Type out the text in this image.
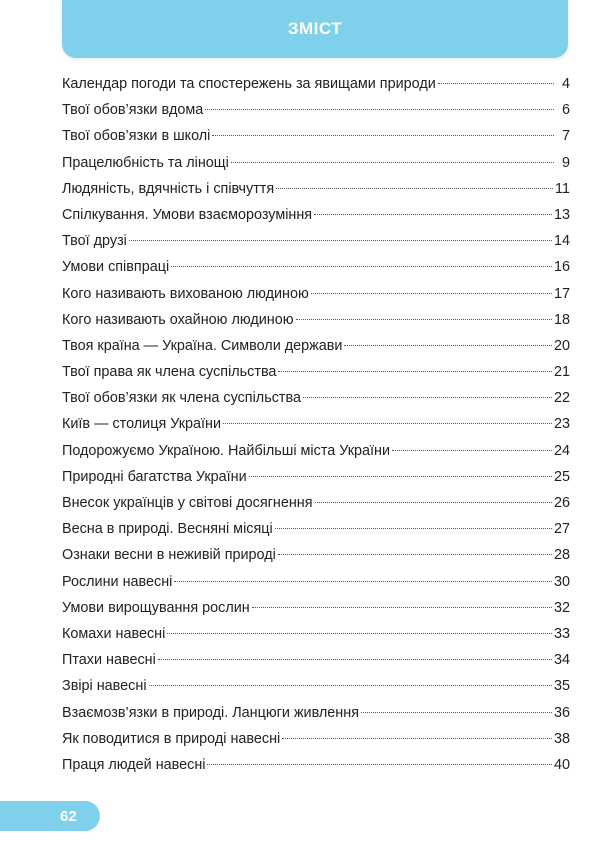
ЗМІСТ
Календар погоди та спостережень за явищами природи	4
Твої обов’язки вдома	6
Твої обов’язки в школі	7
Працелюбність та лінощі	9
Людяність, вдячність і співчуття	11
Спілкування. Умови взаєморозуміння	13
Твої друзі	14
Умови співпраці	16
Кого називають вихованою людиною	17
Кого називають охайною людиною	18
Твоя країна — Україна. Символи держави	20
Твої права як члена суспільства	21
Твої обов’язки як члена суспільства	22
Київ — столиця України	23
Подорожуємо Україною. Найбільші міста України	24
Природні багатства України	25
Внесок українців у світові досягнення	26
Весна в природі. Весняні місяці	27
Ознаки весни в неживій природі	28
Рослини навесні	30
Умови вирощування рослин	32
Комахи навесні	33
Птахи навесні	34
Звірі навесні	35
Взаємозв’язки в природі. Ланцюги живлення	36
Як поводитися в природі навесні	38
Праця людей навесні	40
62
